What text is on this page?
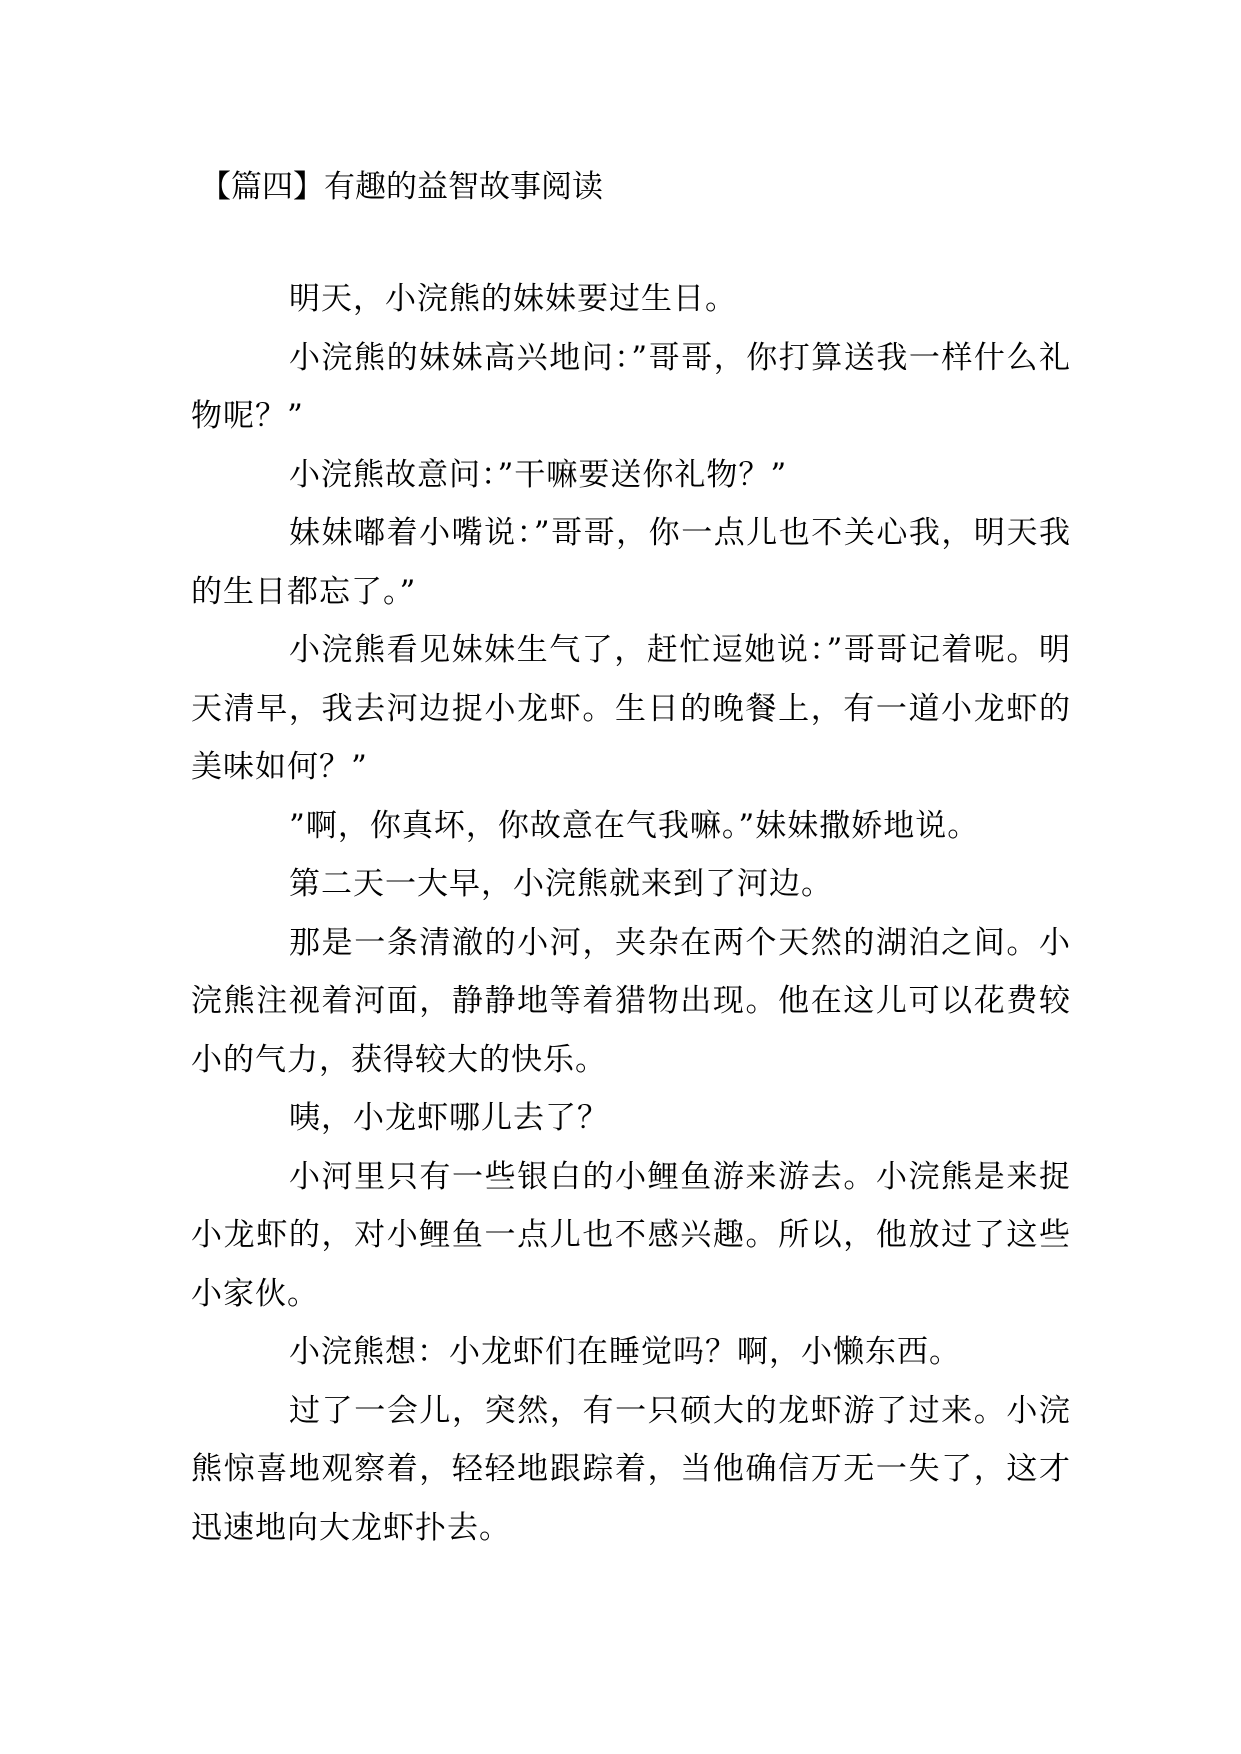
【篇四】有趣的益智故事阅读

明天，小浣熊的妹妹要过生日。

小浣熊的妹妹高兴地问：”哥哥，你打算送我一样什么礼物呢？”

小浣熊故意问：”干嘛要送你礼物？”

妹妹嘟着小嘴说：”哥哥，你一点儿也不关心我，明天我的生日都忘了。”

小浣熊看见妹妹生气了，赶忙逗她说：”哥哥记着呢。明天清早，我去河边捉小龙虾。生日的晚餐上，有一道小龙虾的美味如何？”

”啊，你真坏，你故意在气我嘛。”妹妹撒娇地说。

第二天一大早，小浣熊就来到了河边。

那是一条清澈的小河，夹杂在两个天然的湖泊之间。小浣熊注视着河面，静静地等着猎物出现。他在这儿可以花费较小的气力，获得较大的快乐。

咦，小龙虾哪儿去了？

小河里只有一些银白的小鲤鱼游来游去。小浣熊是来捉小龙虾的，对小鲤鱼一点儿也不感兴趣。所以，他放过了这些小家伙。

小浣熊想：小龙虾们在睡觉吗？啊，小懒东西。

过了一会儿，突然，有一只硕大的龙虾游了过来。小浣熊惊喜地观察着，轻轻地跟踪着，当他确信万无一失了，这才迅速地向大龙虾扑去。
